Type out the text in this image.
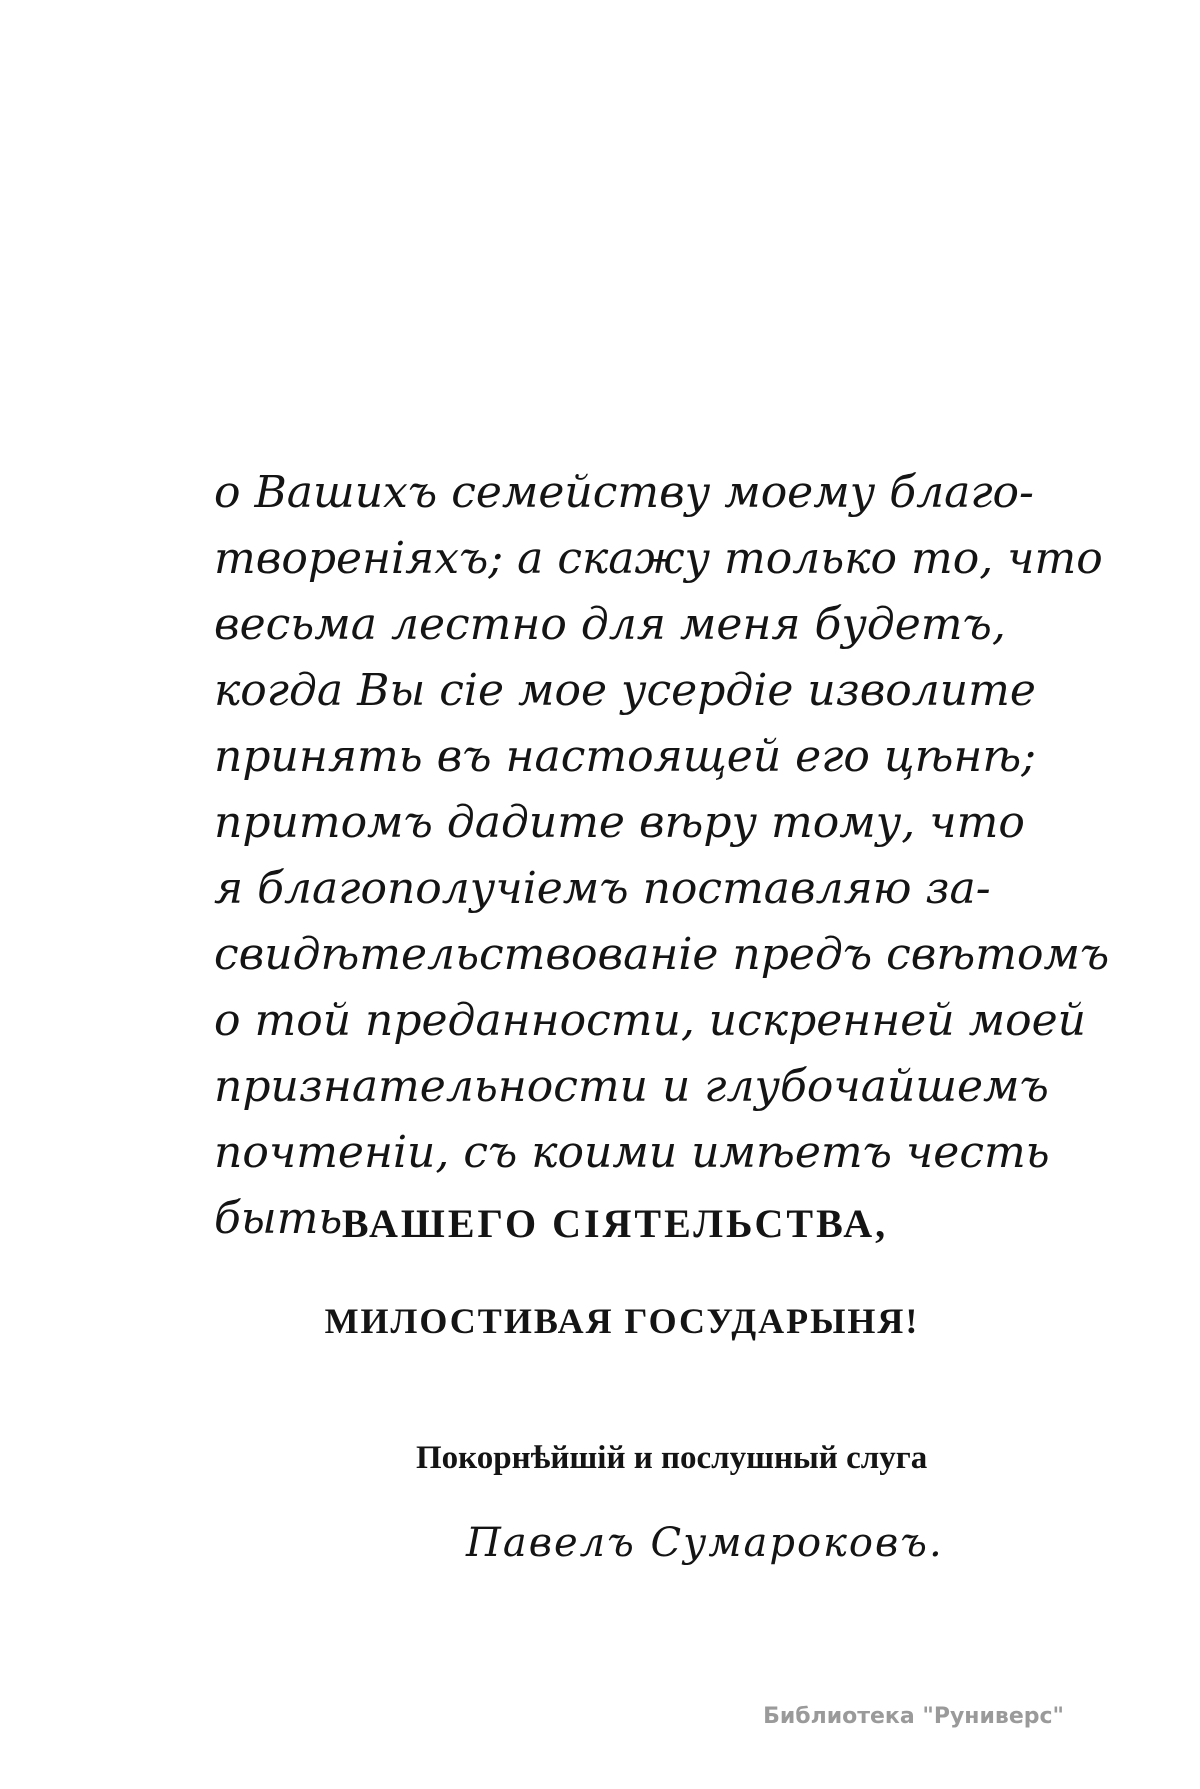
о Вашихъ семейству моему благо-
твореніяхъ; а скажу только то, что
весьма лестно для меня будетъ,
когда Вы сіе мое усердіе изволите
принять въ настоящей его цѣнѣ;
притомъ дадите вѣру тому, что
я благополучіемъ поставляю за-
свидѣтельствованіе предъ свѣтомъ
о той преданности, искренней моей
признательности и глубочайшемъ
почтеніи, съ коими имѣетъ честь
быть ВАШЕГО СІЯТЕЛЬСТВА,
МИЛОСТИВАЯ ГОСУДАРЫНЯ!
Покорнѣйшій и послушный слуга
Павелъ Сумароковъ.
Библиотека "Руниверс"
